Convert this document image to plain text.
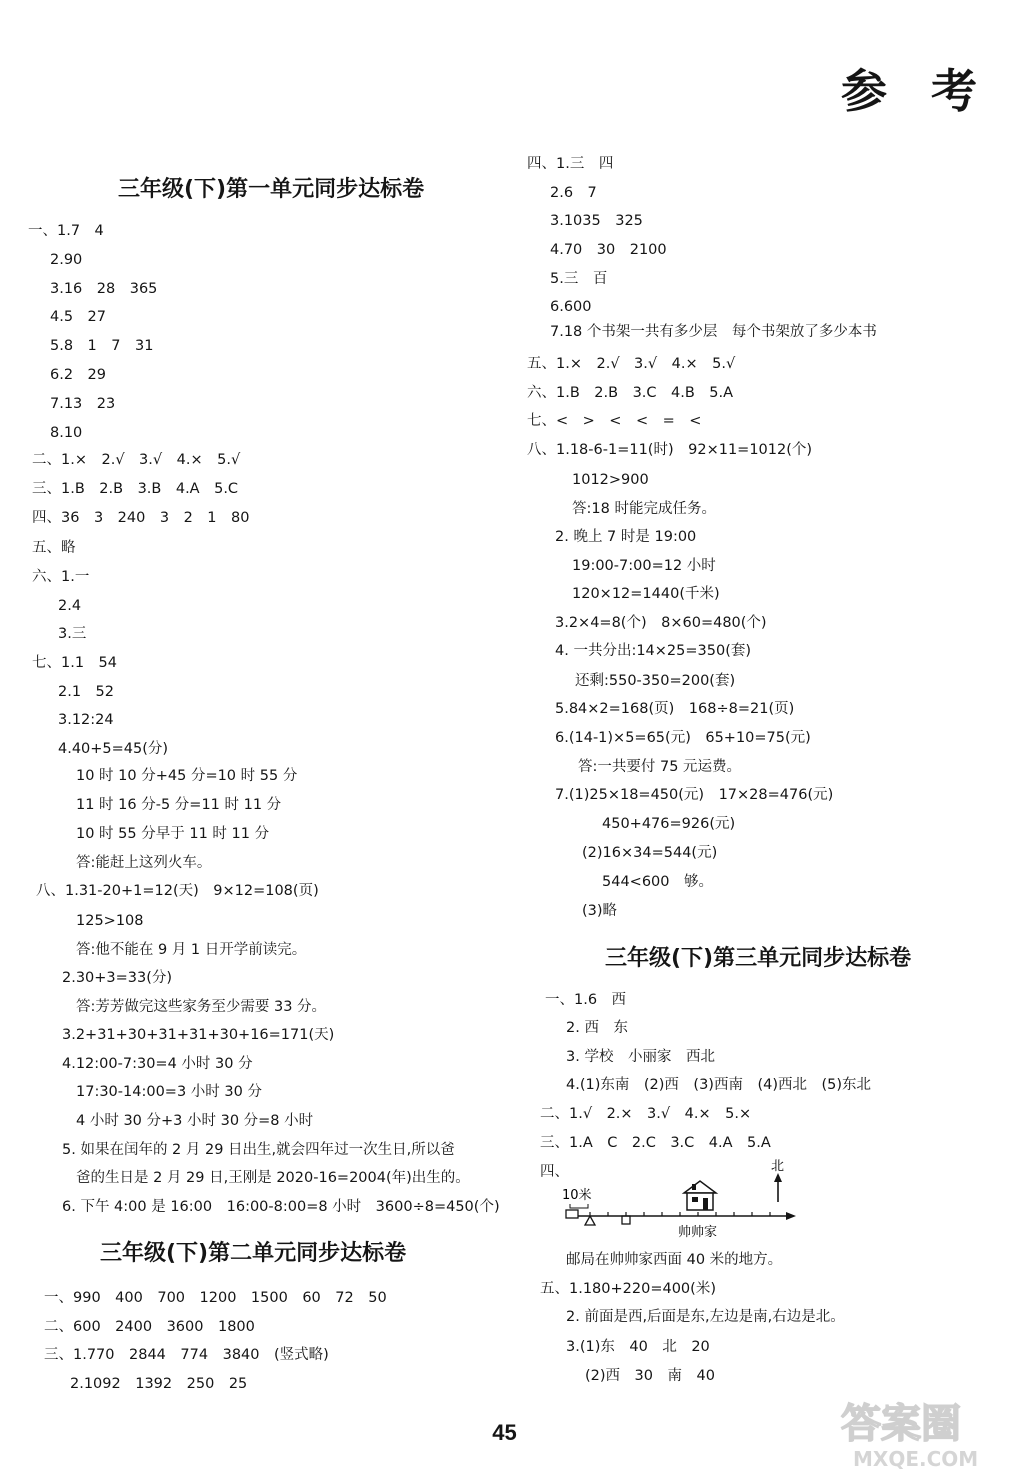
参 考
三年级(下)第一单元同步达标卷
三年级(下)第二单元同步达标卷
三年级(下)第三单元同步达标卷
一、1.7　4
2.90
3.16　28　365
4.5　27
5.8　1　7　31
6.2　29
7.13　23
8.10
二、1.×　2.√　3.√　4.×　5.√
三、1.B　2.B　3.B　4.A　5.C
四、36　3　240　3　2　1　80
五、略
六、1.一
2.4
3.三
七、1.1　54
2.1　52
3.12:24
4.40+5=45(分)
10 时 10 分+45 分=10 时 55 分
11 时 16 分-5 分=11 时 11 分
10 时 55 分早于 11 时 11 分
答:能赶上这列火车。
八、1.31-20+1=12(天)　9×12=108(页)
125>108
答:他不能在 9 月 1 日开学前读完。
2.30+3=33(分)
答:芳芳做完这些家务至少需要 33 分。
3.2+31+30+31+31+30+16=171(天)
4.12:00-7:30=4 小时 30 分
17:30-14:00=3 小时 30 分
4 小时 30 分+3 小时 30 分=8 小时
5. 如果在闰年的 2 月 29 日出生,就会四年过一次生日,所以爸
爸的生日是 2 月 29 日,王刚是 2020-16=2004(年)出生的。
6. 下午 4:00 是 16:00　16:00-8:00=8 小时　3600÷8=450(个)
一、990　400　700　1200　1500　60　72　50
二、600　2400　3600　1800
三、1.770　2844　774　3840　(竖式略)
2.1092　1392　250　25
四、1.三　四
2.6　7
3.1035　325
4.70　30　2100
5.三　百
6.600
7.18 个书架一共有多少层　每个书架放了多少本书
五、1.×　2.√　3.√　4.×　5.√
六、1.B　2.B　3.C　4.B　5.A
七、<　>　<　<　=　<
八、1.18-6-1=11(时)　92×11=1012(个)
1012>900
答:18 时能完成任务。
2. 晚上 7 时是 19:00
19:00-7:00=12 小时
120×12=1440(千米)
3.2×4=8(个)　8×60=480(个)
4. 一共分出:14×25=350(套)
还剩:550-350=200(套)
5.84×2=168(页)　168÷8=21(页)
6.(14-1)×5=65(元)　65+10=75(元)
答:一共要付 75 元运费。
7.(1)25×18=450(元)　17×28=476(元)
450+476=926(元)
(2)16×34=544(元)
544<600　够。
(3)略
一、1.6　西
2. 西　东
3. 学校　小丽家　西北
4.(1)东南　(2)西　(3)西南　(4)西北　(5)东北
二、1.√　2.×　3.√　4.×　5.×
三、1.A　C　2.C　3.C　4.A　5.A
四、
邮局在帅帅家西面 40 米的地方。
五、1.180+220=400(米)
2. 前面是西,后面是东,左边是南,右边是北。
3.(1)东　40　北　20
(2)西　30　南　40
北
10米
帅帅家
45	答案圈
MXQE.COM
